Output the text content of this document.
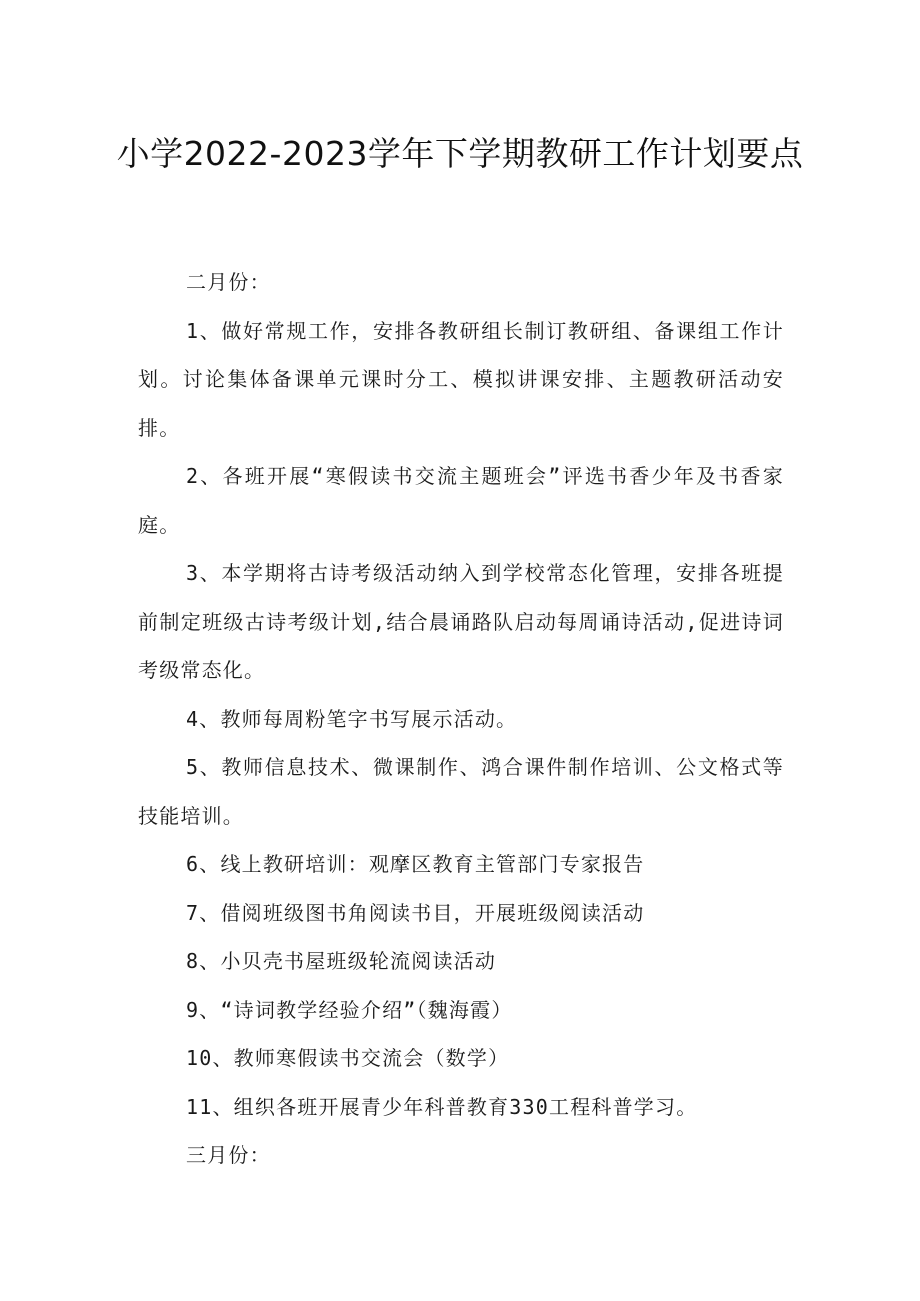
小学2022-2023学年下学期教研工作计划要点

二月份：

1、做好常规工作，安排各教研组长制订教研组、备课组工作计划。讨论集体备课单元课时分工、模拟讲课安排、主题教研活动安排。

2、各班开展“寒假读书交流主题班会”评选书香少年及书香家庭。

3、本学期将古诗考级活动纳入到学校常态化管理，安排各班提前制定班级古诗考级计划,结合晨诵路队启动每周诵诗活动,促进诗词考级常态化。

4、教师每周粉笔字书写展示活动。

5、教师信息技术、微课制作、鸿合课件制作培训、公文格式等技能培训。

6、线上教研培训：观摩区教育主管部门专家报告

7、借阅班级图书角阅读书目，开展班级阅读活动

8、小贝壳书屋班级轮流阅读活动

9、“诗词教学经验介绍”（魏海霞）

10、教师寒假读书交流会（数学）

11、组织各班开展青少年科普教育330工程科普学习。

三月份：
